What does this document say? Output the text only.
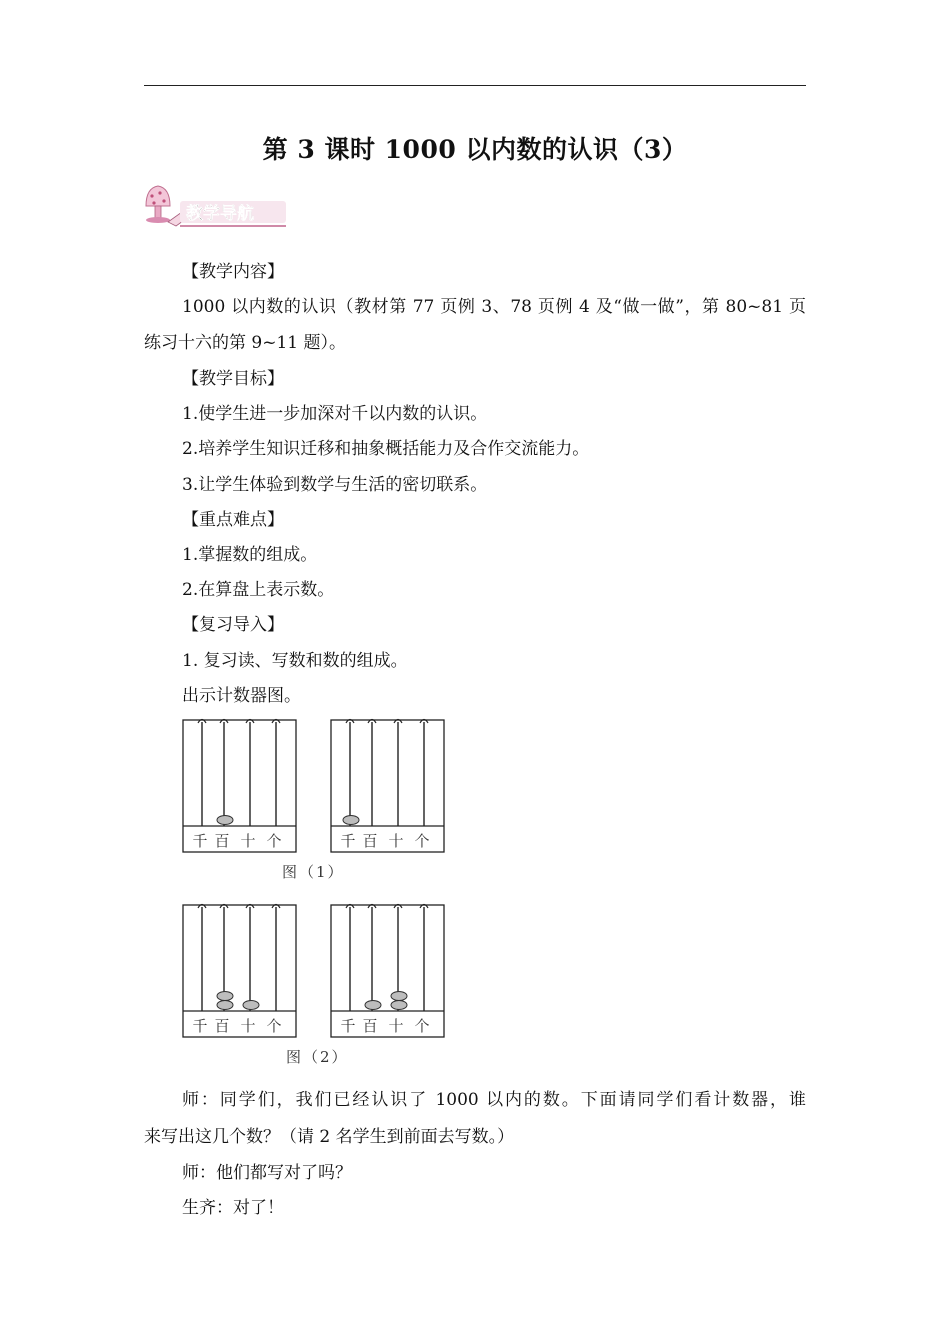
第 3 课时 1000 以内数的认识（3）
教学导航
【教学内容】
1000 以内数的认识（教材第 77 页例 3、78 页例 4 及“做一做”，第 80~81 页
练习十六的第 9~11 题）。
【教学目标】
1.使学生进一步加深对千以内数的认识。
2.培养学生知识迁移和抽象概括能力及合作交流能力。
3.让学生体验到数学与生活的密切联系。
【重点难点】
1.掌握数的组成。
2.在算盘上表示数。
【复习导入】
1. 复习读、写数和数的组成。
出示计数器图。
千 百 十 个	千 百 十 个
图（1）
千 百 十 个	千 百 十 个
图（2）
师：同学们，我们已经认识了 1000 以内的数。下面请同学们看计数器，谁
来写出这几个数？（请 2 名学生到前面去写数。）
师：他们都写对了吗？
生齐：对了！
